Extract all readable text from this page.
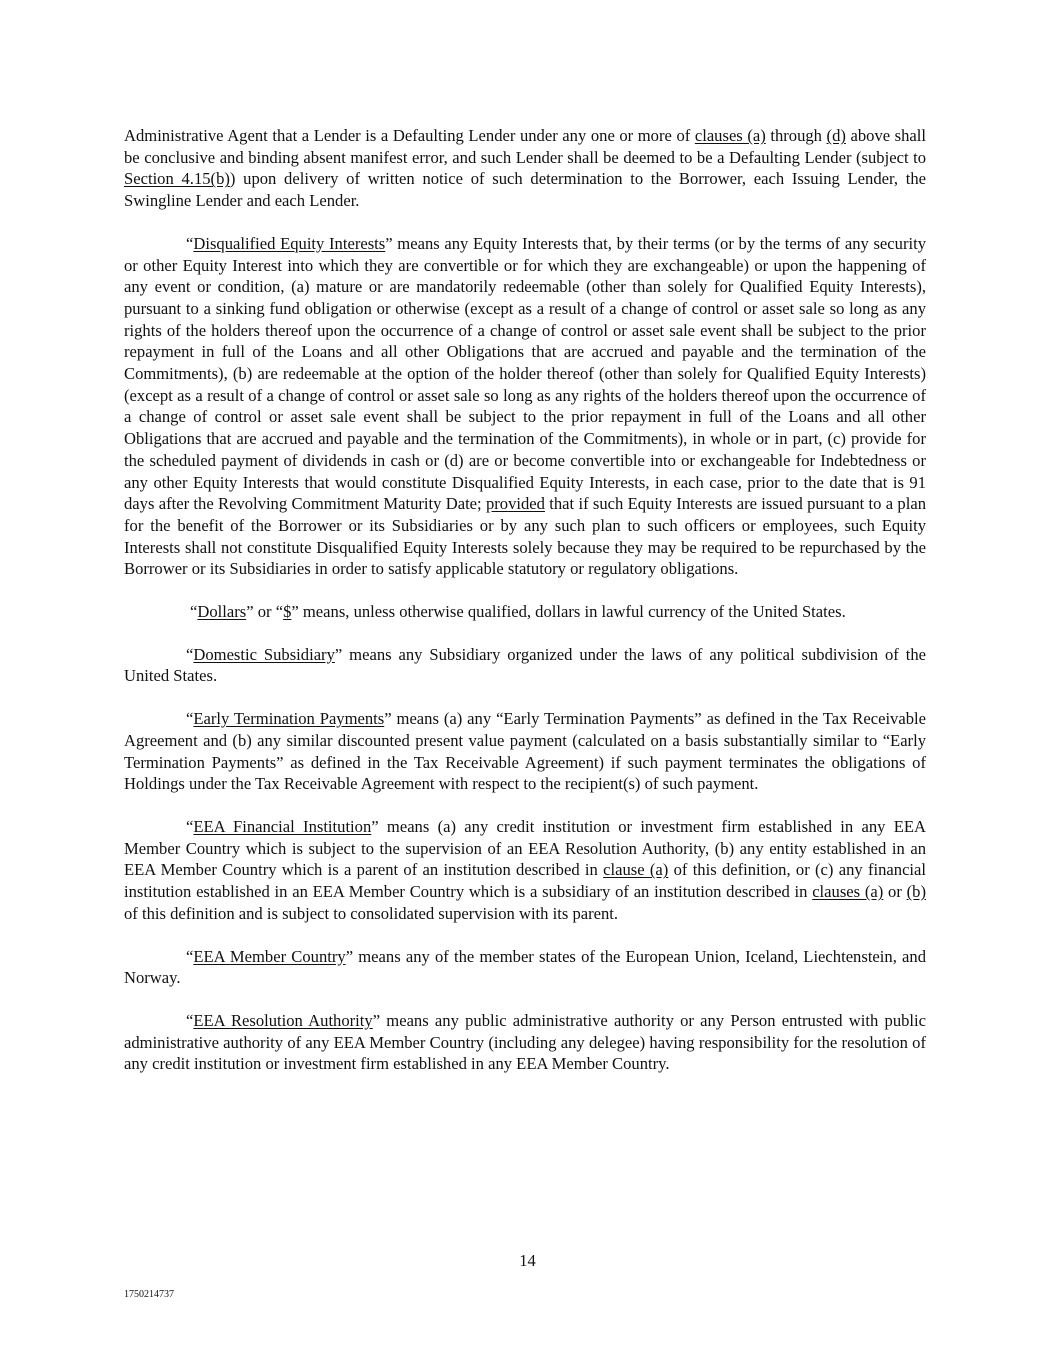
Administrative Agent that a Lender is a Defaulting Lender under any one or more of clauses (a) through (d) above shall be conclusive and binding absent manifest error, and such Lender shall be deemed to be a Defaulting Lender (subject to Section 4.15(b)) upon delivery of written notice of such determination to the Borrower, each Issuing Lender, the Swingline Lender and each Lender.

“Disqualified Equity Interests” means any Equity Interests that, by their terms (or by the terms of any security or other Equity Interest into which they are convertible or for which they are exchangeable) or upon the happening of any event or condition, (a) mature or are mandatorily redeemable (other than solely for Qualified Equity Interests), pursuant to a sinking fund obligation or otherwise (except as a result of a change of control or asset sale so long as any rights of the holders thereof upon the occurrence of a change of control or asset sale event shall be subject to the prior repayment in full of the Loans and all other Obligations that are accrued and payable and the termination of the Commitments), (b) are redeemable at the option of the holder thereof (other than solely for Qualified Equity Interests) (except as a result of a change of control or asset sale so long as any rights of the holders thereof upon the occurrence of a change of control or asset sale event shall be subject to the prior repayment in full of the Loans and all other Obligations that are accrued and payable and the termination of the Commitments), in whole or in part, (c) provide for the scheduled payment of dividends in cash or (d) are or become convertible into or exchangeable for Indebtedness or any other Equity Interests that would constitute Disqualified Equity Interests, in each case, prior to the date that is 91 days after the Revolving Commitment Maturity Date; provided that if such Equity Interests are issued pursuant to a plan for the benefit of the Borrower or its Subsidiaries or by any such plan to such officers or employees, such Equity Interests shall not constitute Disqualified Equity Interests solely because they may be required to be repurchased by the Borrower or its Subsidiaries in order to satisfy applicable statutory or regulatory obligations.

“Dollars” or “$” means, unless otherwise qualified, dollars in lawful currency of the United States.

“Domestic Subsidiary” means any Subsidiary organized under the laws of any political subdivision of the United States.

“Early Termination Payments” means (a) any “Early Termination Payments” as defined in the Tax Receivable Agreement and (b) any similar discounted present value payment (calculated on a basis substantially similar to “Early Termination Payments” as defined in the Tax Receivable Agreement) if such payment terminates the obligations of Holdings under the Tax Receivable Agreement with respect to the recipient(s) of such payment.

“EEA Financial Institution” means (a) any credit institution or investment firm established in any EEA Member Country which is subject to the supervision of an EEA Resolution Authority, (b) any entity established in an EEA Member Country which is a parent of an institution described in clause (a) of this definition, or (c) any financial institution established in an EEA Member Country which is a subsidiary of an institution described in clauses (a) or (b) of this definition and is subject to consolidated supervision with its parent.

“EEA Member Country” means any of the member states of the European Union, Iceland, Liechtenstein, and Norway.

“EEA Resolution Authority” means any public administrative authority or any Person entrusted with public administrative authority of any EEA Member Country (including any delegee) having responsibility for the resolution of any credit institution or investment firm established in any EEA Member Country.

14
1750214737
